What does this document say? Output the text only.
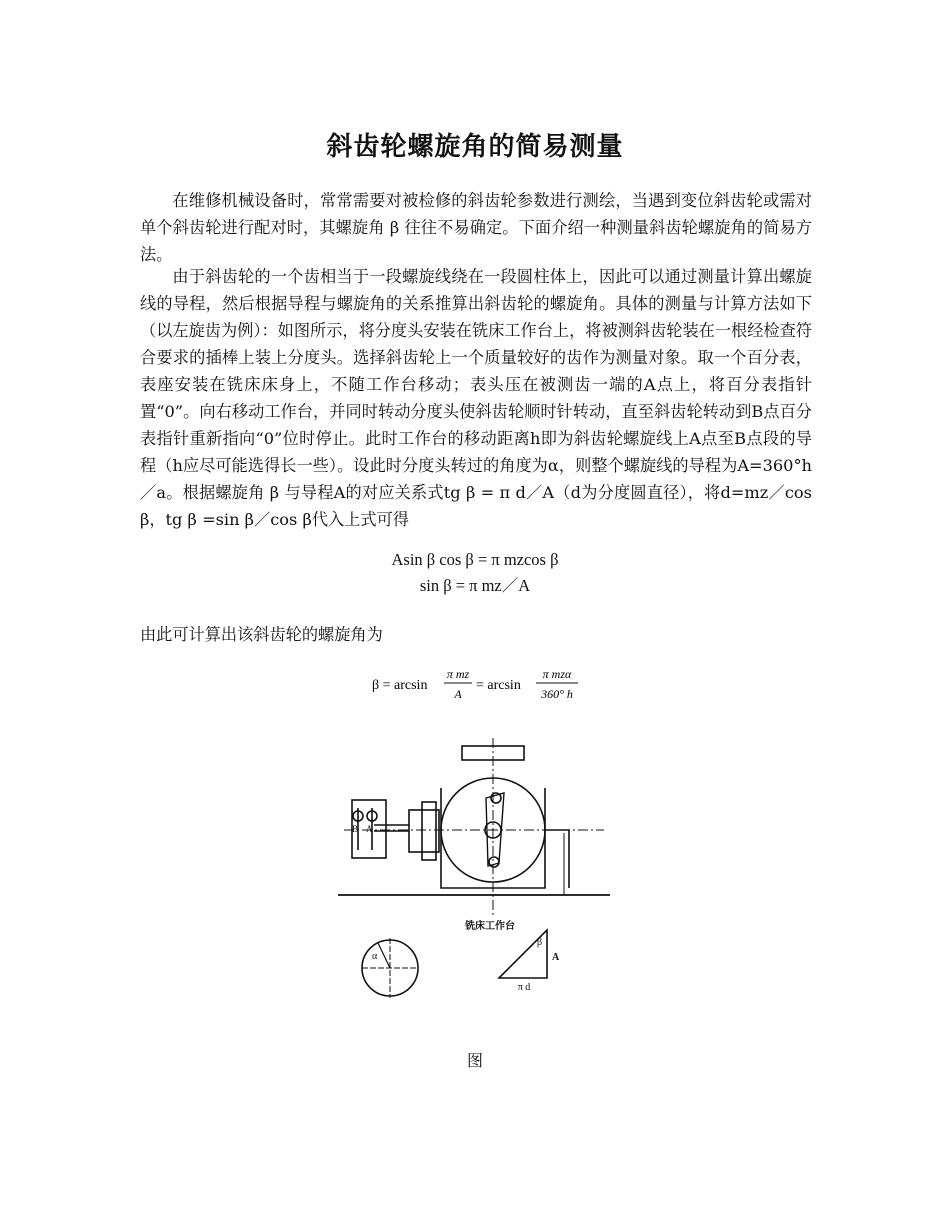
斜齿轮螺旋角的简易测量

在维修机械设备时，常常需要对被检修的斜齿轮参数进行测绘，当遇到变位斜齿轮或需对单个斜齿轮进行配对时，其螺旋角 β 往往不易确定。下面介绍一种测量斜齿轮螺旋角的简易方法。

由于斜齿轮的一个齿相当于一段螺旋线绕在一段圆柱体上，因此可以通过测量计算出螺旋线的导程，然后根据导程与螺旋角的关系推算出斜齿轮的螺旋角。具体的测量与计算方法如下（以左旋齿为例）：如图所示，将分度头安装在铣床工作台上，将被测斜齿轮装在一根经检查符合要求的插棒上装上分度头。选择斜齿轮上一个质量较好的齿作为测量对象。取一个百分表，表座安装在铣床床身上，不随工作台移动；表头压在被测齿一端的A点上，将百分表指针置“0”。向右移动工作台，并同时转动分度头使斜齿轮顺时针转动，直至斜齿轮转动到B点百分表指针重新指向“0”位时停止。此时工作台的移动距离h即为斜齿轮螺旋线上A点至B点段的导程（h应尽可能选得长一些）。设此时分度头转过的角度为α，则整个螺旋线的导程为A=360°h／a。根据螺旋角 β 与导程A的对应关系式tg β = π d／A（d为分度圆直径），将d=mz／cos β，tg β =sin β／cos β代入上式可得

Asin β cos β = π mzcos β
sin β = π mz／A
由此可计算出该斜齿轮的螺旋角为
β = arcsin
π mz
A
= arcsin
π mzα
360° h
铣床工作台
α
β
A
π d
B A
图
